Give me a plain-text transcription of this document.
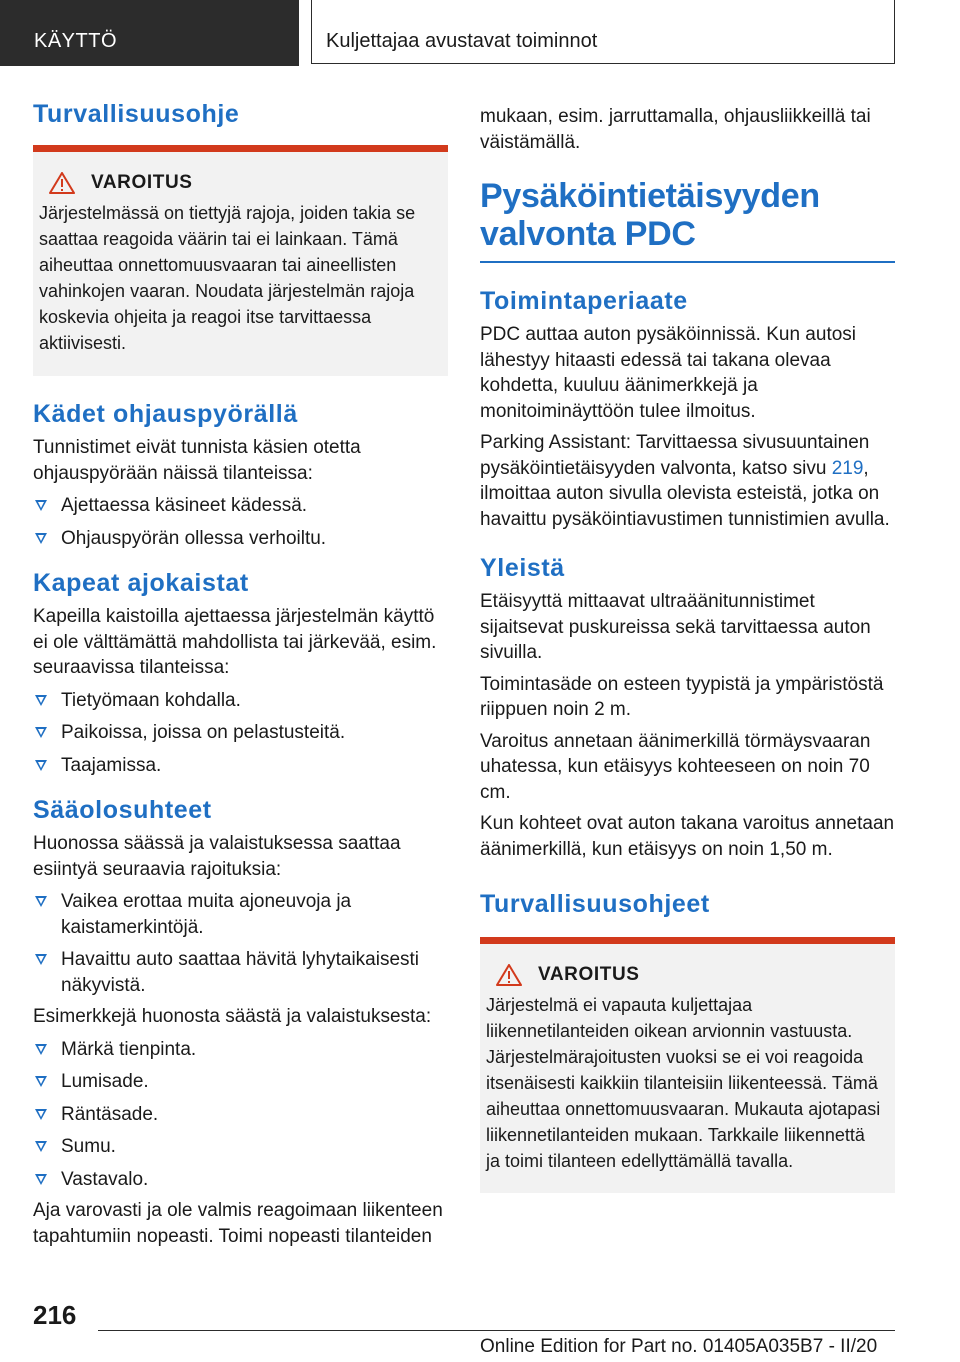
KÄYTTÖ	Kuljettajaa avustavat toiminnot
Turvallisuusohje
VAROITUS

Järjestelmässä on tiettyjä rajoja, joiden takia se saattaa reagoida väärin tai ei lainkaan. Tämä aiheuttaa onnettomuusvaaran tai aineellisten vahinkojen vaaran. Noudata järjestelmän rajoja koskevia ohjeita ja reagoi itse tarvittaessa aktiivisesti.

Kädet ohjauspyörällä

Tunnistimet eivät tunnista käsien otetta ohjauspyörään näissä tilanteissa:

Ajettaessa käsineet kädessä.
Ohjauspyörän ollessa verhoiltu.
Kapeat ajokaistat

Kapeilla kaistoilla ajettaessa järjestelmän käyttö ei ole välttämättä mahdollista tai järkevää, esim. seuraavissa tilanteissa:

Tietyömaan kohdalla.
Paikoissa, joissa on pelastusteitä.
Taajamissa.
Sääolosuhteet

Huonossa säässä ja valaistuksessa saattaa esiintyä seuraavia rajoituksia:

Vaikea erottaa muita ajoneuvoja ja kaistamerkintöjä.
Havaittu auto saattaa hävitä lyhytaikaisesti näkyvistä.

Esimerkkejä huonosta säästä ja valaistuksesta:

Märkä tienpinta.
Lumisade.
Räntäsade.
Sumu.
Vastavalo.

Aja varovasti ja ole valmis reagoimaan liikenteen tapahtumiin nopeasti. Toimi nopeasti tilanteiden

mukaan, esim. jarruttamalla, ohjausliikkeillä tai väistämällä.

Pysäköintietäisyyden valvonta PDC
Toimintaperiaate

PDC auttaa auton pysäköinnissä. Kun autosi lähestyy hitaasti edessä tai takana olevaa kohdetta, kuuluu äänimerkkejä ja monitoiminäyttöön tulee ilmoitus.

Parking Assistant: Tarvittaessa sivusuuntainen pysäköintietäisyyden valvonta, katso sivu 219, ilmoittaa auton sivulla olevista esteistä, jotka on havaittu pysäköintiavustimen tunnistimien avulla.

Yleistä

Etäisyyttä mittaavat ultraäänitunnistimet sijaitsevat puskureissa sekä tarvittaessa auton sivuilla.

Toimintasäde on esteen tyypistä ja ympäristöstä riippuen noin 2 m.

Varoitus annetaan äänimerkillä törmäysvaaran uhatessa, kun etäisyys kohteeseen on noin 70 cm.

Kun kohteet ovat auton takana varoitus annetaan äänimerkillä, kun etäisyys on noin 1,50 m.

Turvallisuusohjeet
VAROITUS

Järjestelmä ei vapauta kuljettajaa liikennetilanteiden oikean arvionnin vastuusta. Järjestelmärajoitusten vuoksi se ei voi reagoida itsenäisesti kaikkiin tilanteisiin liikenteessä. Tämä aiheuttaa onnettomuusvaaran. Mukauta ajotapasi liikennetilanteiden mukaan. Tarkkaile liikennettä ja toimi tilanteen edellyttämällä tavalla.

216
Online Edition for Part no. 01405A035B7 - II/20
